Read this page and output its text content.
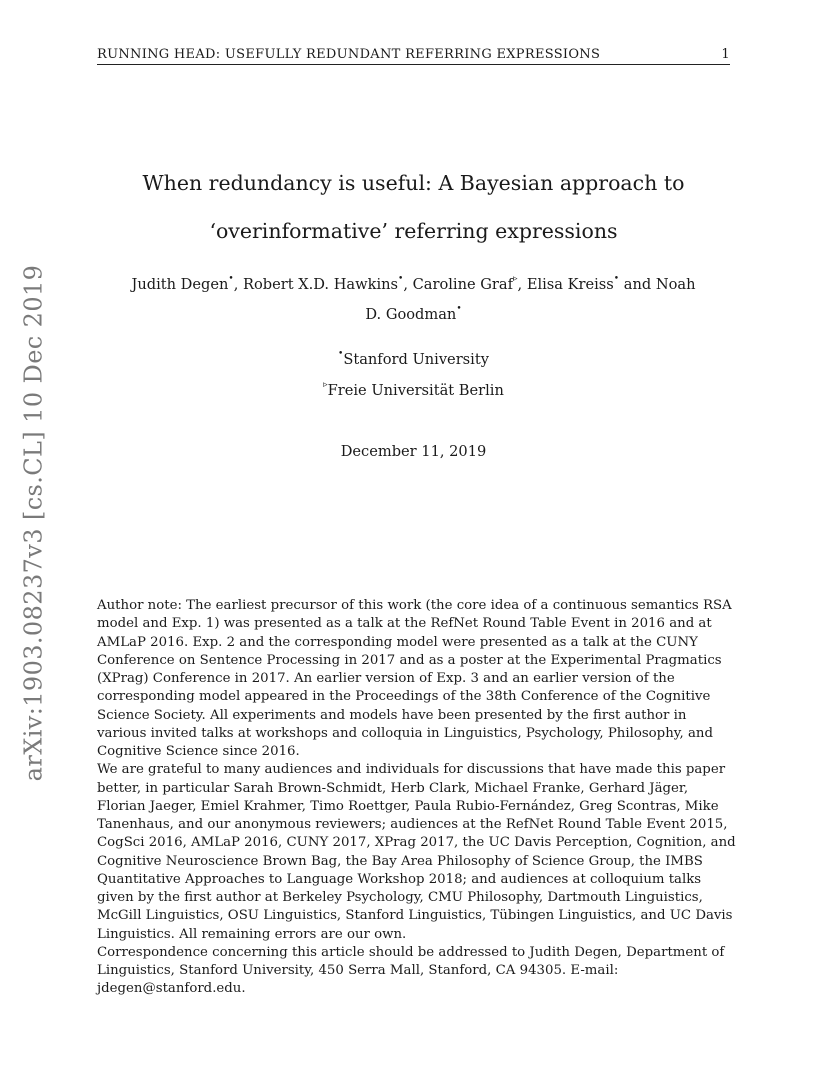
RUNNING HEAD: USEFULLY REDUNDANT REFERRING EXPRESSIONS	1
arXiv:1903.08237v3 [cs.CL] 10 Dec 2019
When redundancy is useful: A Bayesian approach to
‘overinformative’ referring expressions
Judith Degen•, Robert X.D. Hawkins•, Caroline Graf▹, Elisa Kreiss• and Noah
D. Goodman•
•Stanford University
▹Freie Universität Berlin
December 11, 2019

Author note: The earliest precursor of this work (the core idea of a continuous semantics RSA model and Exp. 1) was presented as a talk at the RefNet Round Table Event in 2016 and at AMLaP 2016. Exp. 2 and the corresponding model were presented as a talk at the CUNY Conference on Sentence Processing in 2017 and as a poster at the Experimental Pragmatics (XPrag) Conference in 2017. An earlier version of Exp. 3 and an earlier version of the corresponding model appeared in the Proceedings of the 38th Conference of the Cognitive Science Society. All experiments and models have been presented by the first author in various invited talks at workshops and colloquia in Linguistics, Psychology, Philosophy, and Cognitive Science since 2016.

We are grateful to many audiences and individuals for discussions that have made this paper better, in particular Sarah Brown-Schmidt, Herb Clark, Michael Franke, Gerhard Jäger, Florian Jaeger, Emiel Krahmer, Timo Roettger, Paula Rubio-Fernández, Greg Scontras, Mike Tanenhaus, and our anonymous reviewers; audiences at the RefNet Round Table Event 2015, CogSci 2016, AMLaP 2016, CUNY 2017, XPrag 2017, the UC Davis Perception, Cognition, and Cognitive Neuroscience Brown Bag, the Bay Area Philosophy of Science Group, the IMBS Quantitative Approaches to Language Workshop 2018; and audiences at colloquium talks given by the first author at Berkeley Psychology, CMU Philosophy, Dartmouth Linguistics, McGill Linguistics, OSU Linguistics, Stanford Linguistics, Tübingen Linguistics, and UC Davis Linguistics. All remaining errors are our own.

Correspondence concerning this article should be addressed to Judith Degen, Department of Linguistics, Stanford University, 450 Serra Mall, Stanford, CA 94305. E-mail: jdegen@stanford.edu.
